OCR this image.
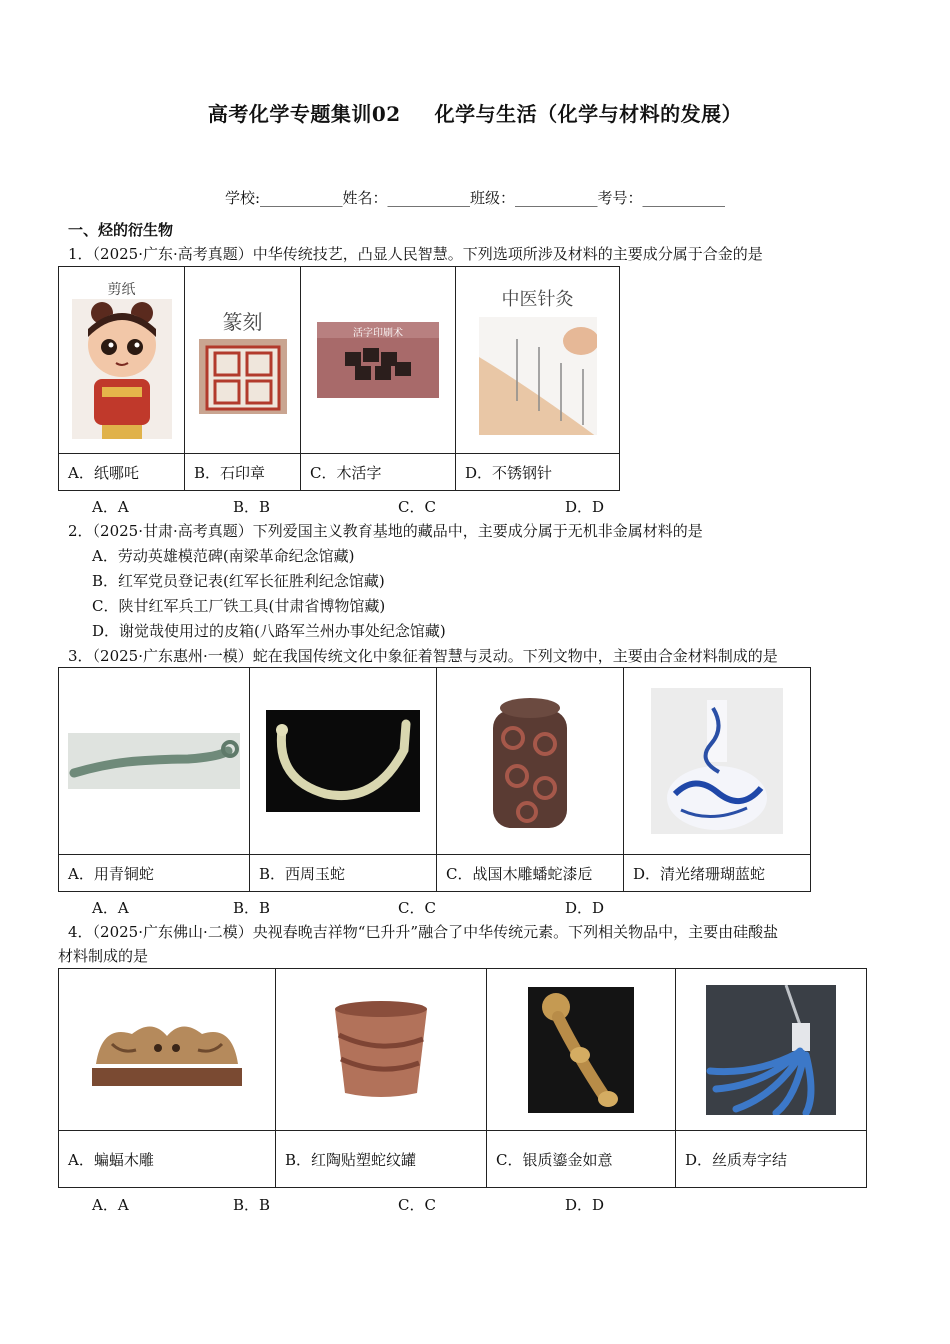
高考化学专题集训02 化学与生活（化学与材料的发展）
学校:___________姓名：___________班级：___________考号：___________
一、烃的衍生物
1．（2025·广东·高考真题）中华传统技艺，凸显人民智慧。下列选项所涉及材料的主要成分属于合金的是
剪纸	篆刻	活字印刷术	中医针灸

A．纸哪吒	B．石印章	C．木活字	D．不锈钢针
A．A	B．B	C．C	D．D
2．（2025·甘肃·高考真题）下列爱国主义教育基地的藏品中，主要成分属于无机非金属材料的是
A．劳动英雄模范碑(南梁革命纪念馆藏)
B．红军党员登记表(红军长征胜利纪念馆藏)
C．陕甘红军兵工厂铁工具(甘肃省博物馆藏)
D．谢觉哉使用过的皮箱(八路军兰州办事处纪念馆藏)
3．（2025·广东惠州·一模）蛇在我国传统文化中象征着智慧与灵动。下列文物中，主要由合金材料制成的是

A．用青铜蛇	B．西周玉蛇	C．战国木雕蟠蛇漆卮	D．清光绪珊瑚蓝蛇
A．A	B．B	C．C	D．D
4．（2025·广东佛山·二模）央视春晚吉祥物“巳升升”融合了中华传统元素。下列相关物品中，主要由硅酸盐
材料制成的是

A．蝙蝠木雕	B．红陶贴塑蛇纹罐	C．银质鎏金如意	D．丝质寿字结
A．A	B．B	C．C	D．D
